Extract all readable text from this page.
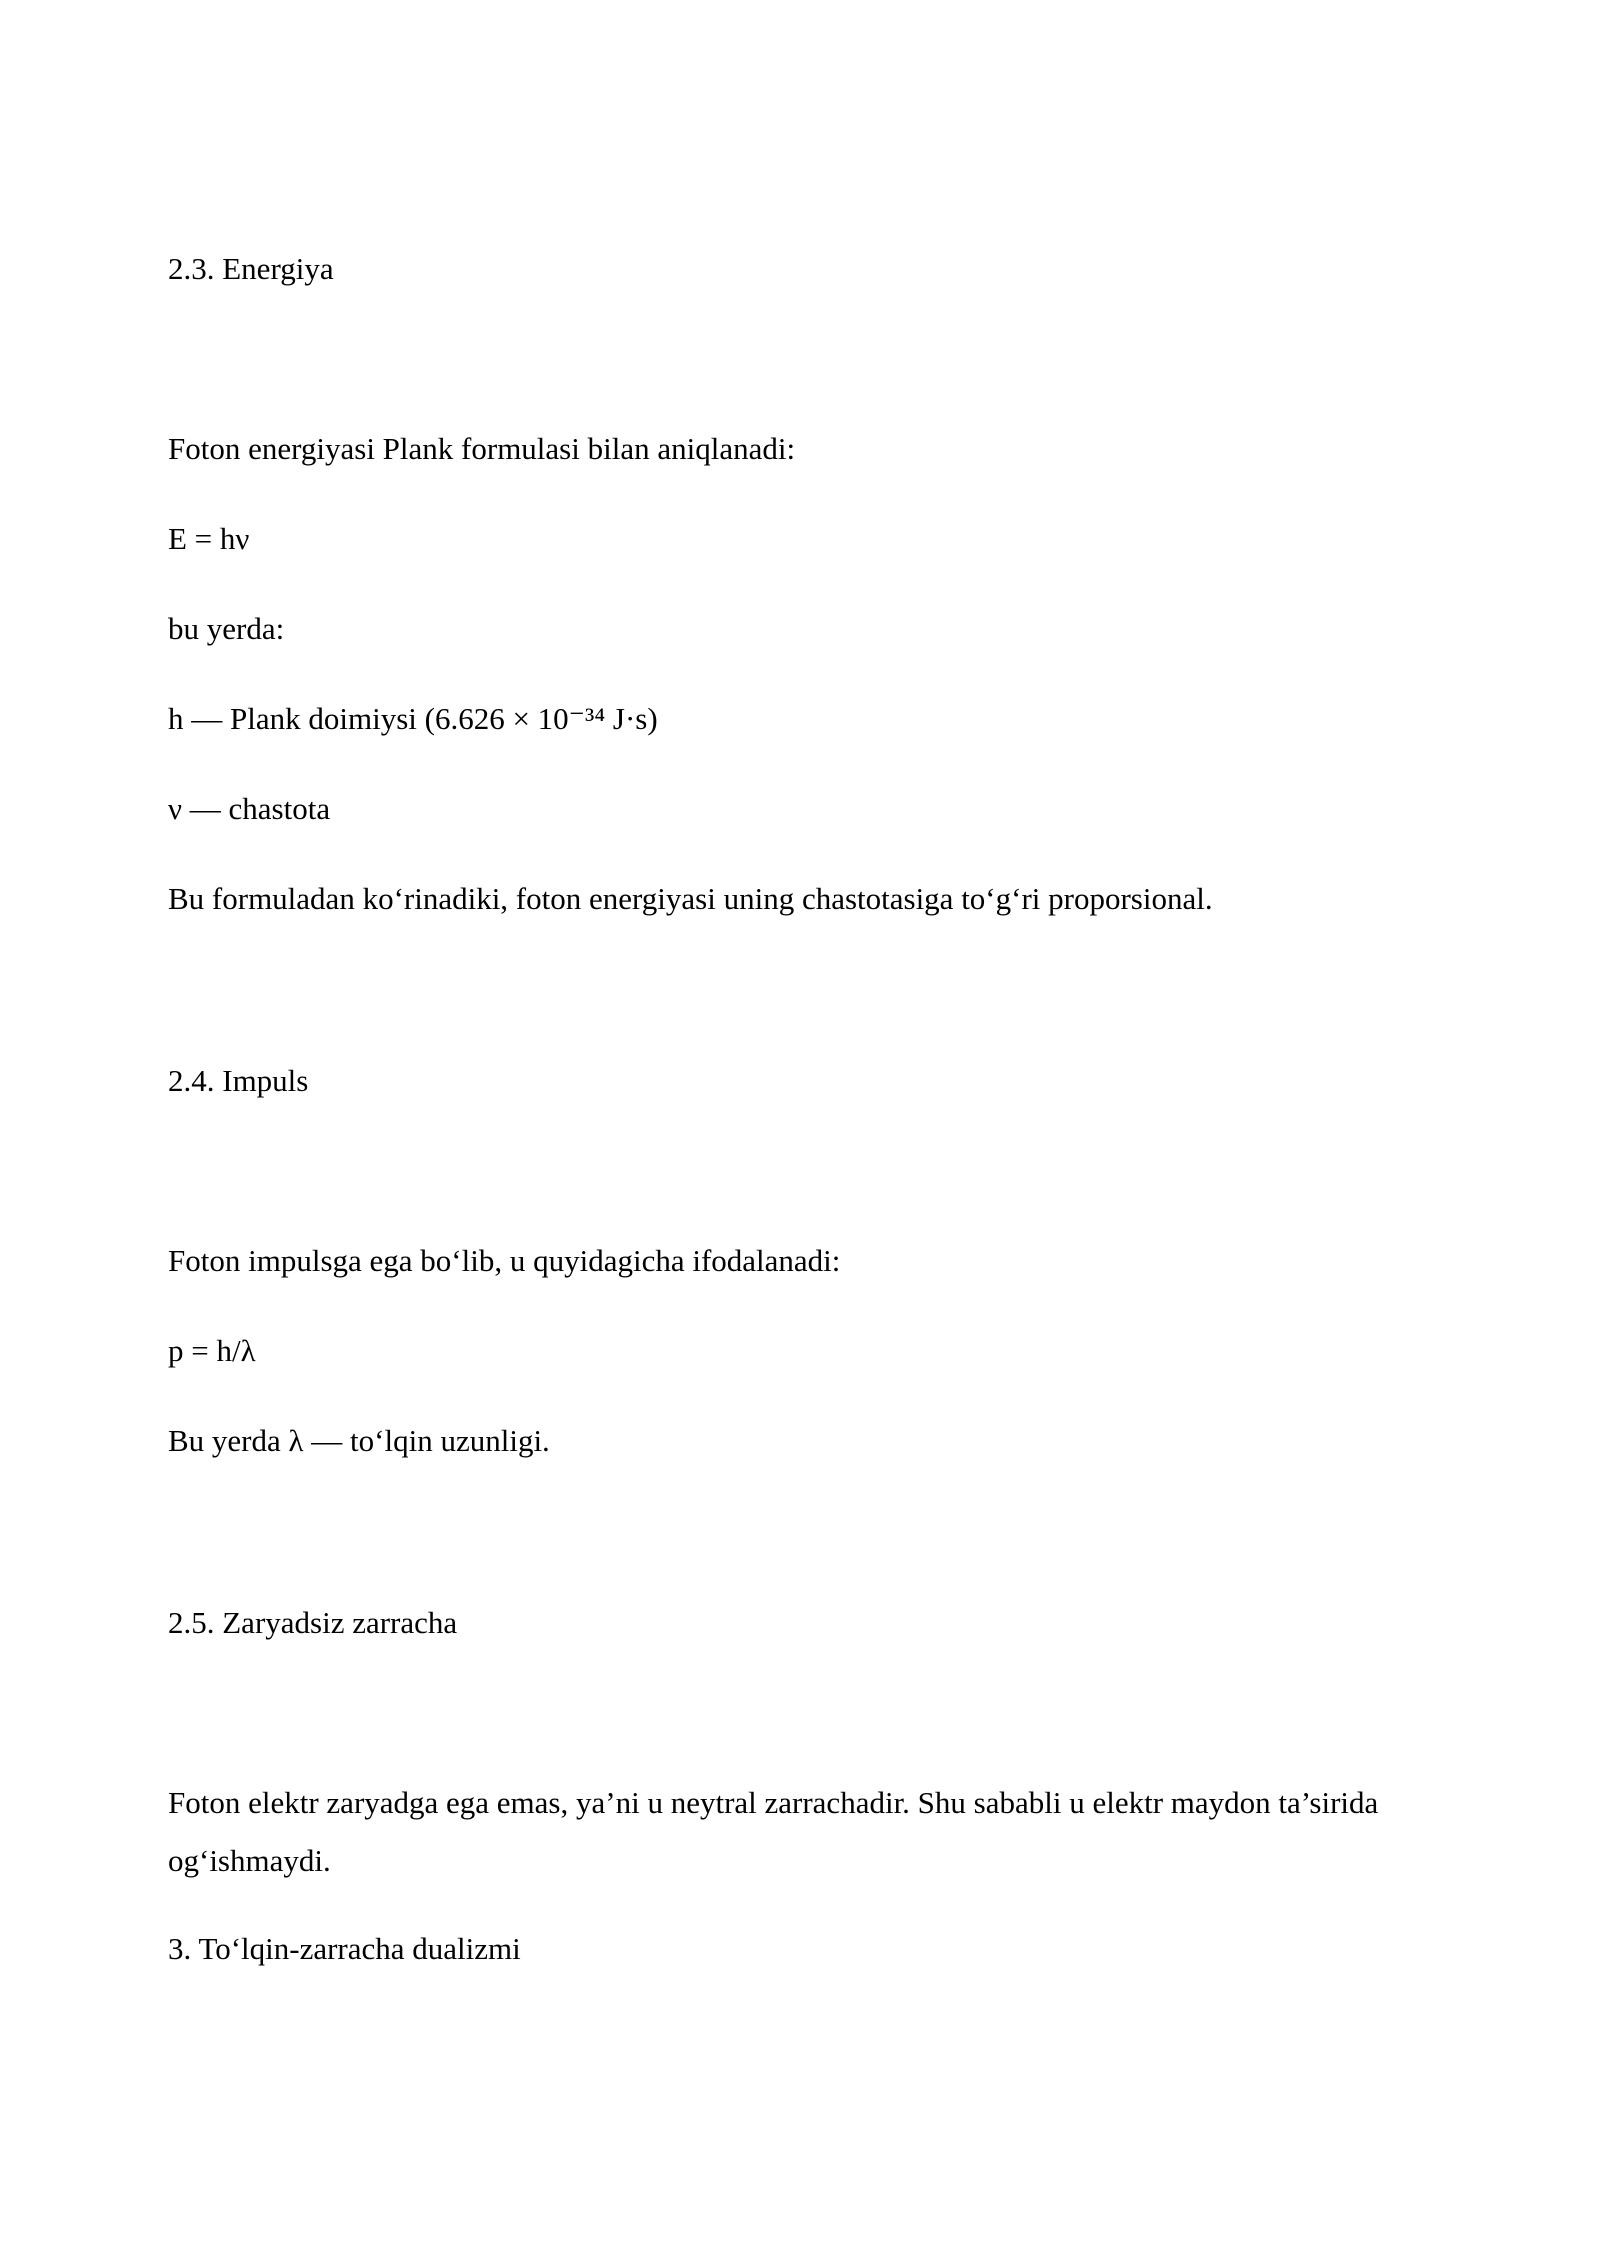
2.3. Energiya

Foton energiyasi Plank formulasi bilan aniqlanadi:

E = hν

bu yerda:

h — Plank doimiysi (6.626 × 10⁻³⁴ J·s)

ν — chastota

Bu formuladan ko‘rinadiki, foton energiyasi uning chastotasiga to‘g‘ri proporsional.

2.4. Impuls

Foton impulsga ega bo‘lib, u quyidagicha ifodalanadi:

p = h/λ

Bu yerda λ — to‘lqin uzunligi.

2.5. Zaryadsiz zarracha

Foton elektr zaryadga ega emas, ya’ni u neytral zarrachadir. Shu sababli u elektr maydon ta’sirida og‘ishmaydi.

3. To‘lqin-zarracha dualizmi
